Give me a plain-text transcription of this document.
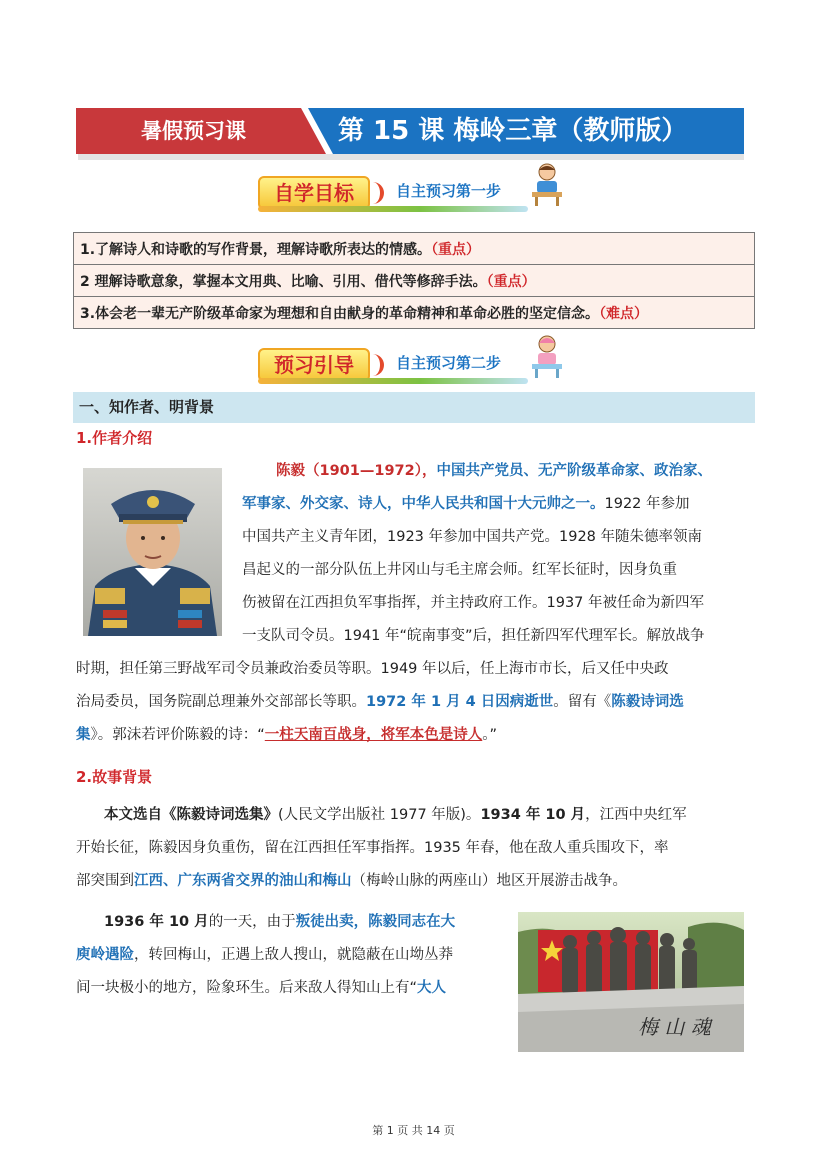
暑假预习课	第 15 课 梅岭三章（教师版）
自学目标	自主预习第一步
1.了解诗人和诗歌的写作背景，理解诗歌所表达的情感。（重点）
2 理解诗歌意象，掌握本文用典、比喻、引用、借代等修辞手法。（重点）
3.体会老一辈无产阶级革命家为理想和自由献身的革命精神和革命必胜的坚定信念。（难点）
预习引导	自主预习第二步
一、知作者、明背景
1.作者介绍
陈毅（1901—1972），中国共产党员、无产阶级革命家、政治家、
军事家、外交家、诗人，中华人民共和国十大元帅之一。1922 年参加
中国共产主义青年团，1923 年参加中国共产党。1928 年随朱德率领南
昌起义的一部分队伍上井冈山与毛主席会师。红军长征时，因身负重
伤被留在江西担负军事指挥，并主持政府工作。1937 年被任命为新四军
一支队司令员。1941 年“皖南事变”后，担任新四军代理军长。解放战争
时期，担任第三野战军司令员兼政治委员等职。1949 年以后，任上海市市长，后又任中央政
治局委员，国务院副总理兼外交部部长等职。1972 年 1 月 4 日因病逝世。留有《陈毅诗词选
集》。郭沫若评价陈毅的诗：“一柱天南百战身，将军本色是诗人。”
2.故事背景
本文选自《陈毅诗词选集》(人民文学出版社 1977 年版)。1934 年 10 月，江西中央红军
开始长征，陈毅因身负重伤，留在江西担任军事指挥。1935 年春，他在敌人重兵围攻下，率
部突围到江西、广东两省交界的油山和梅山（梅岭山脉的两座山）地区开展游击战争。
1936 年 10 月的一天，由于叛徒出卖，陈毅同志在大
庾岭遇险，转回梅山，正遇上敌人搜山，就隐蔽在山坳丛莽
间一块极小的地方，险象环生。后来敌人得知山上有“大人
梅 山 魂
第 1 页 共 14 页
